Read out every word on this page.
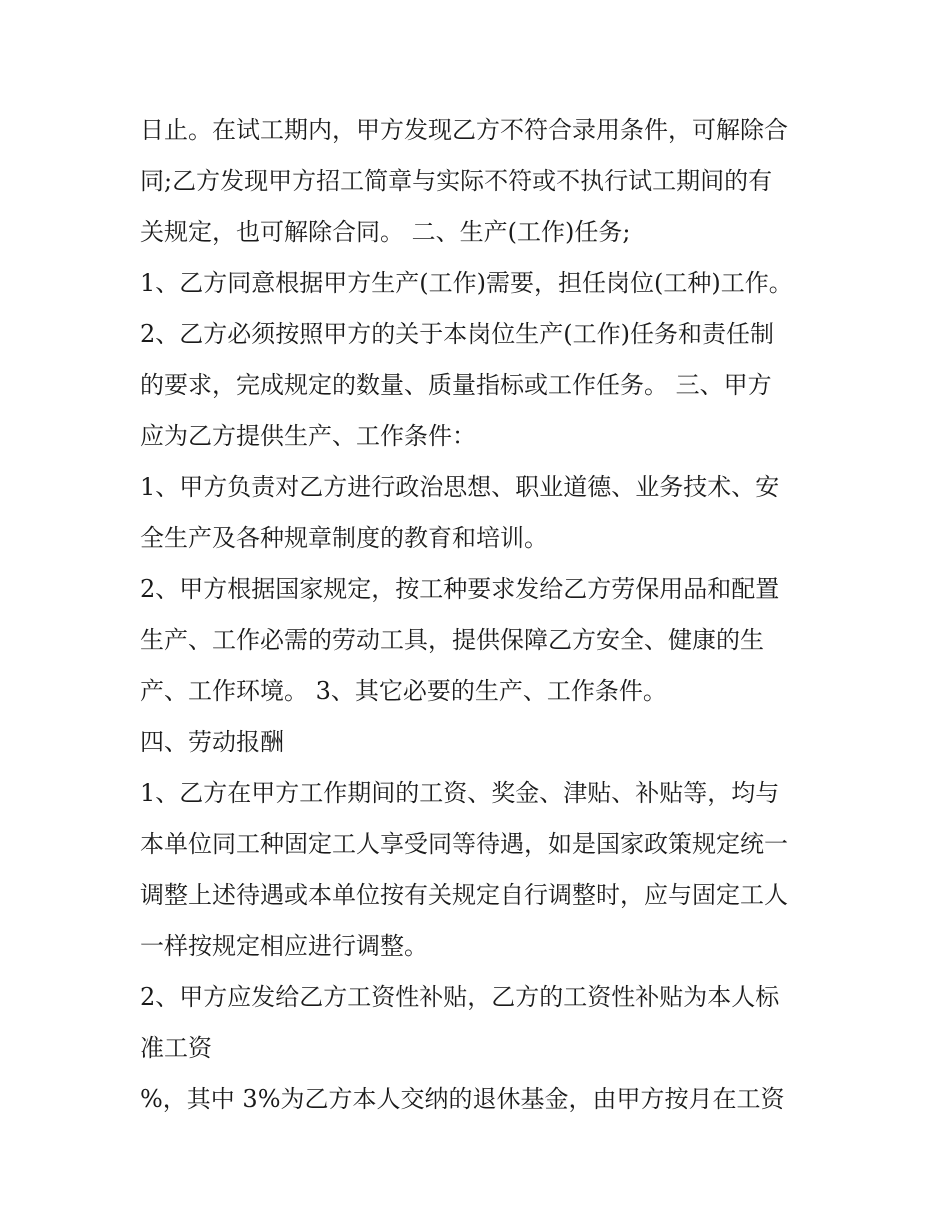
日止。在试工期内，甲方发现乙方不符合录用条件，可解除合
同;乙方发现甲方招工简章与实际不符或不执行试工期间的有
关规定，也可解除合同。 二、生产(工作)任务;
1、乙方同意根据甲方生产(工作)需要，担任岗位(工种)工作。
2、乙方必须按照甲方的关于本岗位生产(工作)任务和责任制
的要求，完成规定的数量、质量指标或工作任务。 三、甲方
应为乙方提供生产、工作条件：
1、甲方负责对乙方进行政治思想、职业道德、业务技术、安
全生产及各种规章制度的教育和培训。
2、甲方根据国家规定，按工种要求发给乙方劳保用品和配置
生产、工作必需的劳动工具，提供保障乙方安全、健康的生
产、工作环境。 3、其它必要的生产、工作条件。
四、劳动报酬
1、乙方在甲方工作期间的工资、奖金、津贴、补贴等，均与
本单位同工种固定工人享受同等待遇，如是国家政策规定统一
调整上述待遇或本单位按有关规定自行调整时，应与固定工人
一样按规定相应进行调整。
2、甲方应发给乙方工资性补贴，乙方的工资性补贴为本人标
准工资
%，其中 3%为乙方本人交纳的退休基金，由甲方按月在工资
